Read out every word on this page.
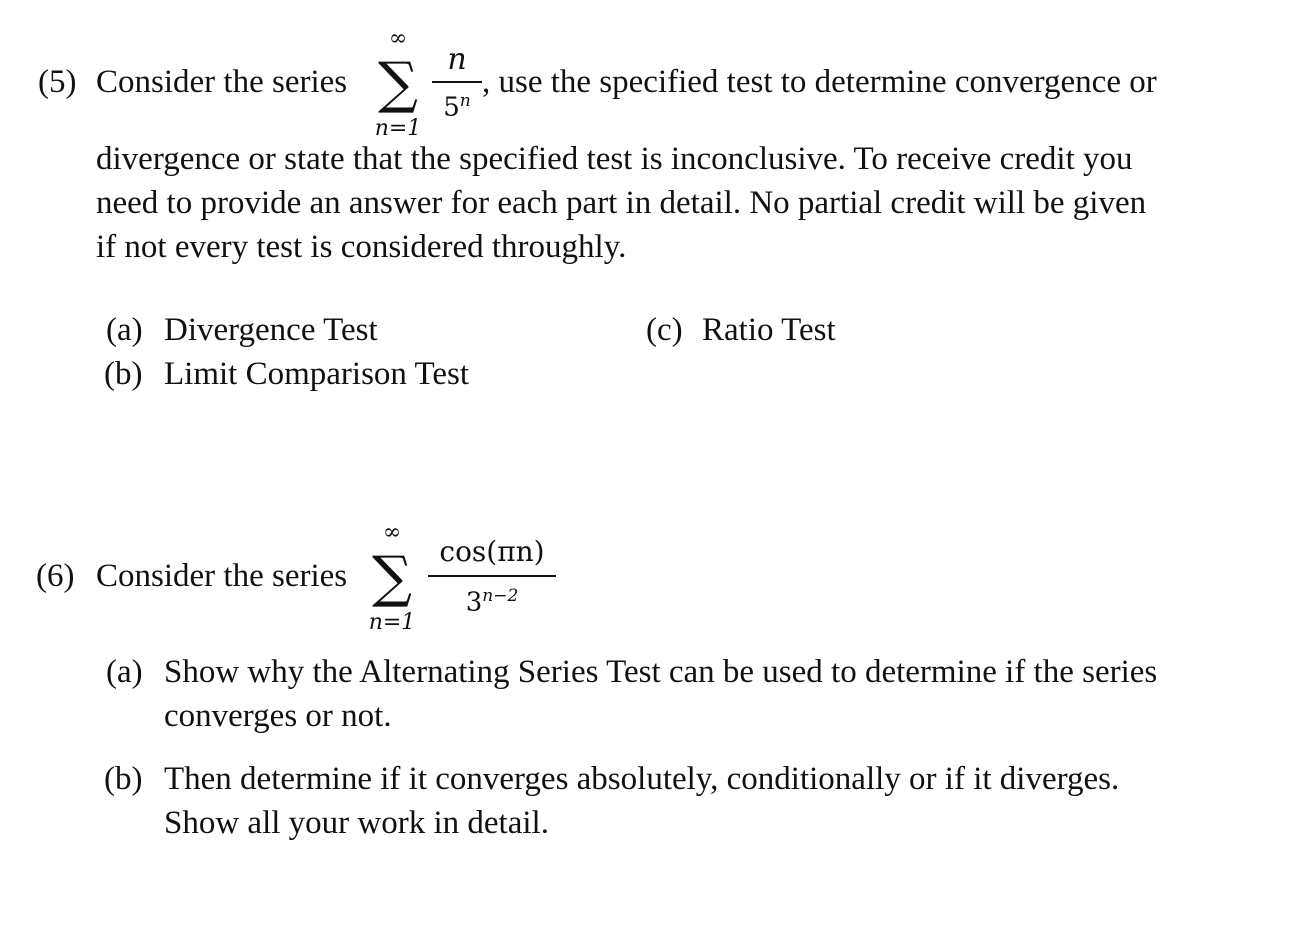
(5) Consider the series
∞
∑
n=1
n
5$^n$
, use the specified test to determine convergence or
divergence or state that the specified test is inconclusive. To receive credit you
need to provide an answer for each part in detail. No partial credit will be given
if not every test is considered throughly.
(a) Divergence Test
(b) Limit Comparison Test
(c) Ratio Test
(6) Consider the series
∞
∑
n=1
cos(πn)
$3^{n-2}$
(a) Show why the Alternating Series Test can be used to determine if the series
converges or not.
(b) Then determine if it converges absolutely, conditionally or if it diverges.
Show all your work in detail.
